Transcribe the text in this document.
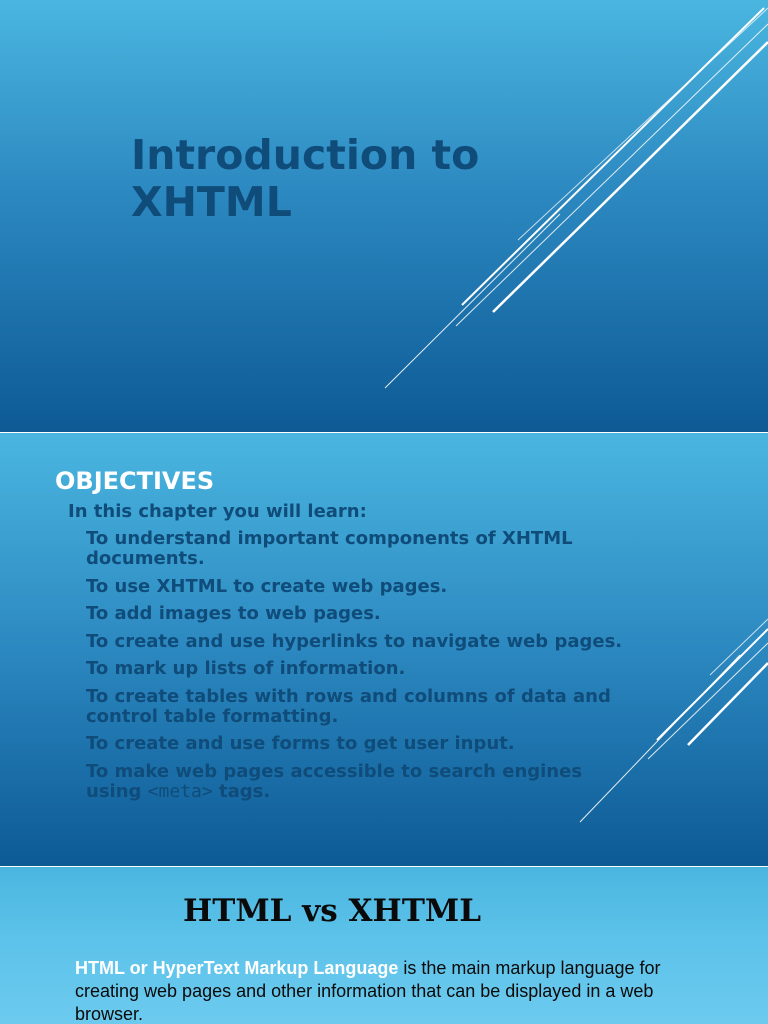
Introduction to
XHTML
OBJECTIVES

In this chapter you will learn:

To understand important components of XHTML documents.
To use XHTML to create web pages.
To add images to web pages.
To create and use hyperlinks to navigate web pages.
To mark up lists of information.
To create tables with rows and columns of data and control table formatting.
To create and use forms to get user input.
To make web pages accessible to search engines using <meta> tags.
HTML vs XHTML

HTML or HyperText Markup Language is the main markup language for creating web pages and other information that can be displayed in a web browser.
